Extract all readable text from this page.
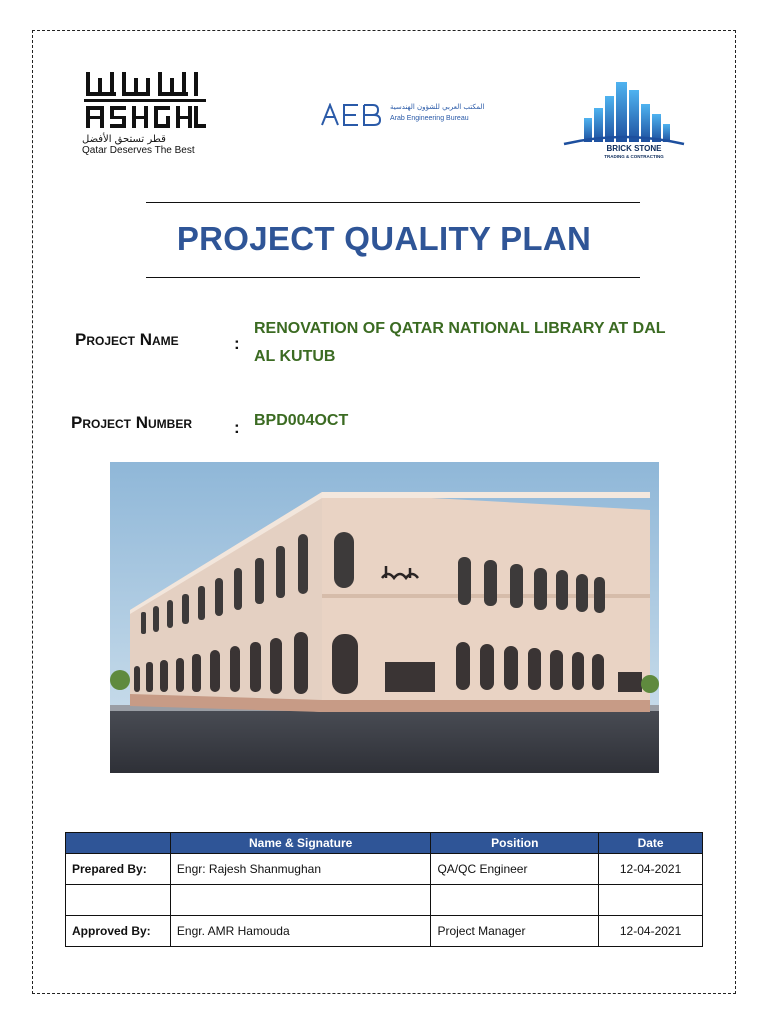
قطر تستحق الأفضل
Qatar Deserves The Best
المكتب العربي للشؤون الهندسية
Arab Engineering Bureau
BRICK STONE
TRADING & CONTRACTING
PROJECT QUALITY PLAN
Project Name	:
RENOVATION OF QATAR NATIONAL LIBRARY AT DAL
AL KUTUB
Project Number : BPD004OCT
	Name & Signature	Position	Date
Prepared By:	Engr: Rajesh Shanmughan	QA/QC Engineer	12-04-2021

Approved By:	Engr. AMR Hamouda	Project Manager	12-04-2021
